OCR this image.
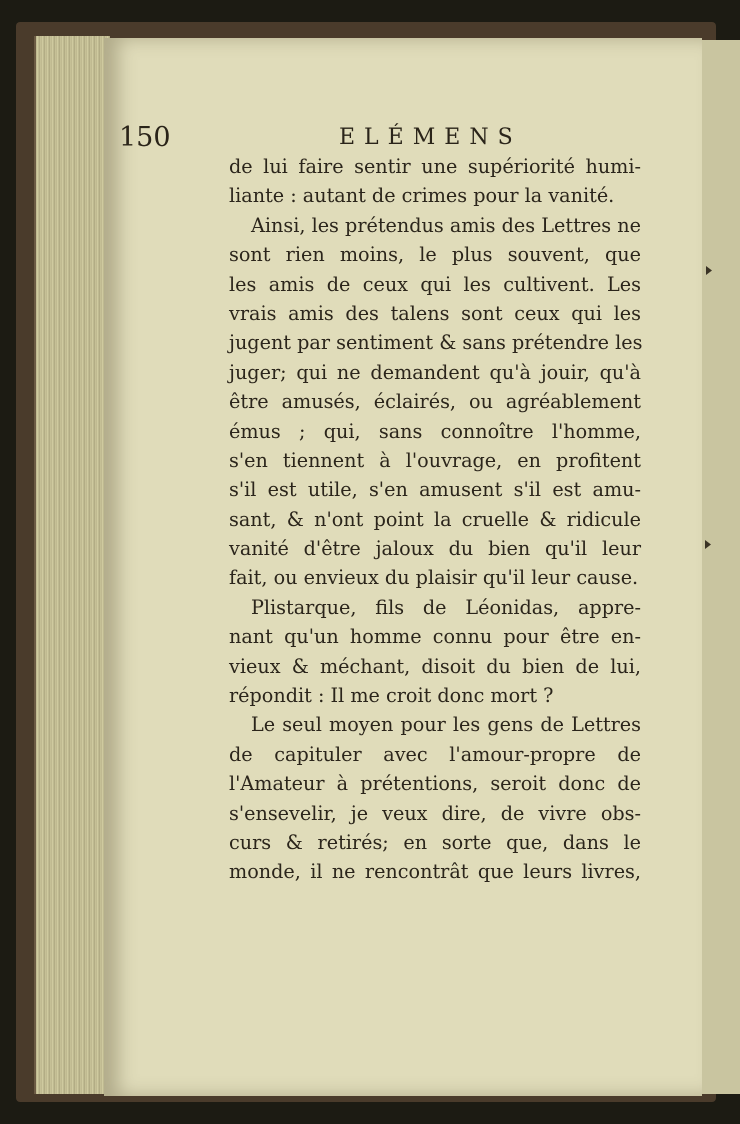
150	ELÉMENS
de lui faire sentir une supériorité humi-
liante : autant de crimes pour la vanité.
Ainsi, les prétendus amis des Lettres ne
sont rien moins, le plus souvent, que
les amis de ceux qui les cultivent. Les
vrais amis des talens sont ceux qui les
jugent par sentiment & sans prétendre les
juger; qui ne demandent qu'à jouir, qu'à
être amusés, éclairés, ou agréablement
émus ; qui, sans connoître l'homme,
s'en tiennent à l'ouvrage, en profitent
s'il est utile, s'en amusent s'il est amu-
sant, & n'ont point la cruelle & ridicule
vanité d'être jaloux du bien qu'il leur
fait, ou envieux du plaisir qu'il leur cause.
Plistarque, fils de Léonidas, appre-
nant qu'un homme connu pour être en-
vieux & méchant, disoit du bien de lui,
répondit : Il me croit donc mort ?
Le seul moyen pour les gens de Lettres
de capituler avec l'amour-propre de
l'Amateur à prétentions, seroit donc de
s'ensevelir, je veux dire, de vivre obs-
curs & retirés; en sorte que, dans le
monde, il ne rencontrât que leurs livres,
